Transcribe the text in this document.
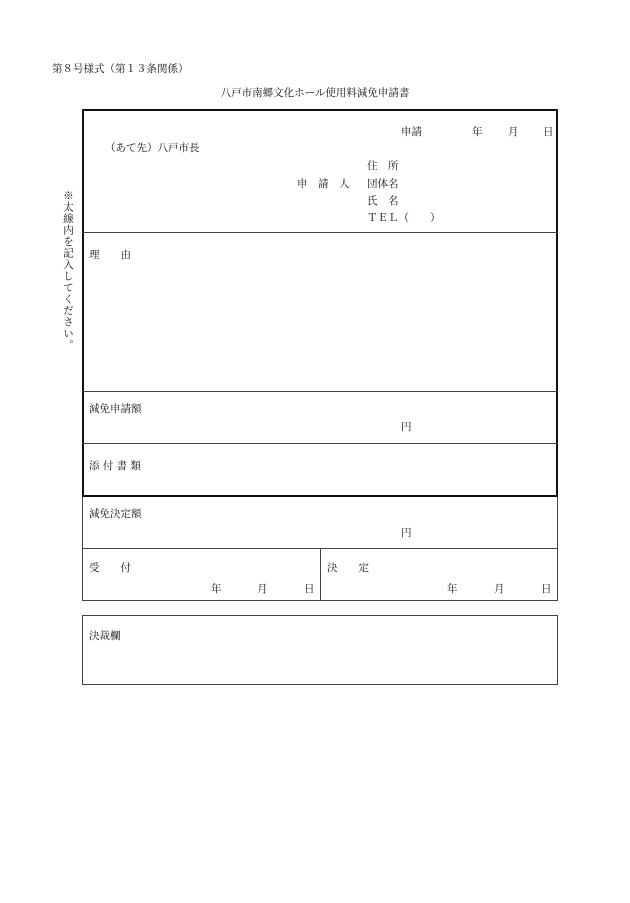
第８号様式（第１３条関係）
八戸市南郷文化ホール使用料減免申請書
※太線内を記入してください。
申請	年 月 日
（あて先）八戸市長
住　所
申　請　人 団体名
氏　名
ＴＥＬ（　　）
理　　由
減免申請額
円
添 付 書 類
減免決定額
円
受　　付
年	月	日
決　　定
年	月	日
決裁欄
